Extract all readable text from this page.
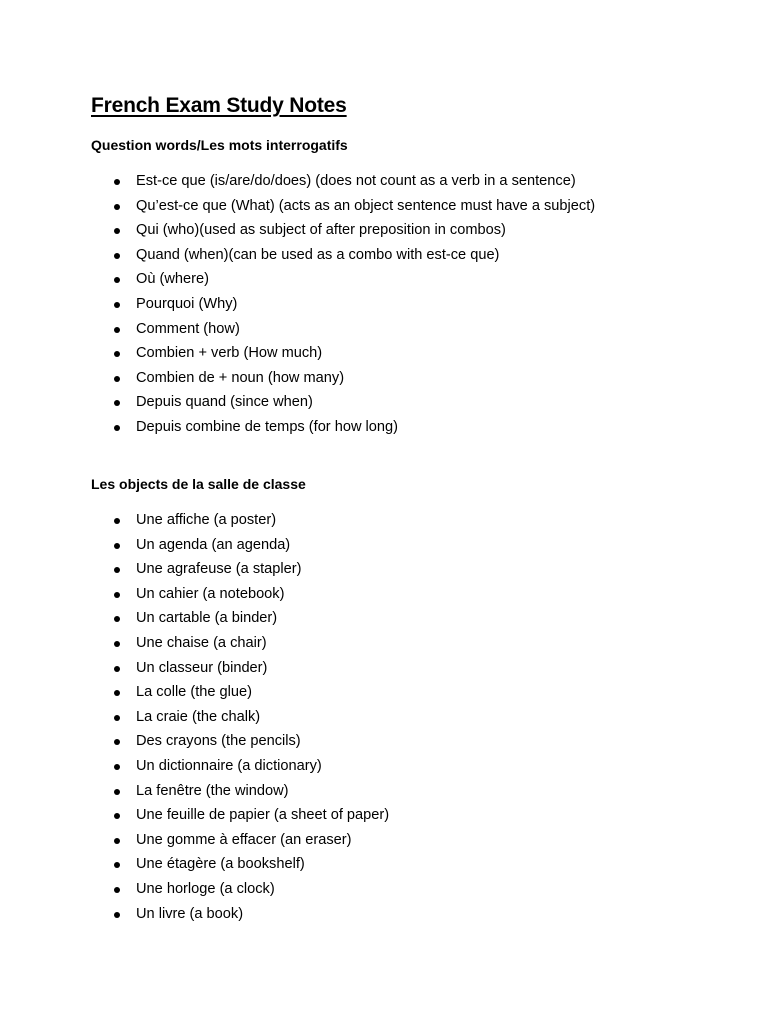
French Exam Study Notes
Question words/Les mots interrogatifs
Est-ce que (is/are/do/does) (does not count as a verb in a sentence)
Qu’est-ce que (What) (acts as an object sentence must have a subject)
Qui (who)(used as subject of after preposition in combos)
Quand (when)(can be used as a combo with est-ce que)
Où (where)
Pourquoi (Why)
Comment (how)
Combien + verb (How much)
Combien de + noun (how many)
Depuis quand (since when)
Depuis combine de temps (for how long)
Les objects de la salle de classe
Une affiche (a poster)
Un agenda (an agenda)
Une agrafeuse (a stapler)
Un cahier (a notebook)
Un cartable (a binder)
Une chaise (a chair)
Un classeur (binder)
La colle (the glue)
La craie (the chalk)
Des crayons (the pencils)
Un dictionnaire (a dictionary)
La fenêtre (the window)
Une feuille de papier (a sheet of paper)
Une gomme à effacer (an eraser)
Une étagère (a bookshelf)
Une horloge (a clock)
Un livre (a book)
